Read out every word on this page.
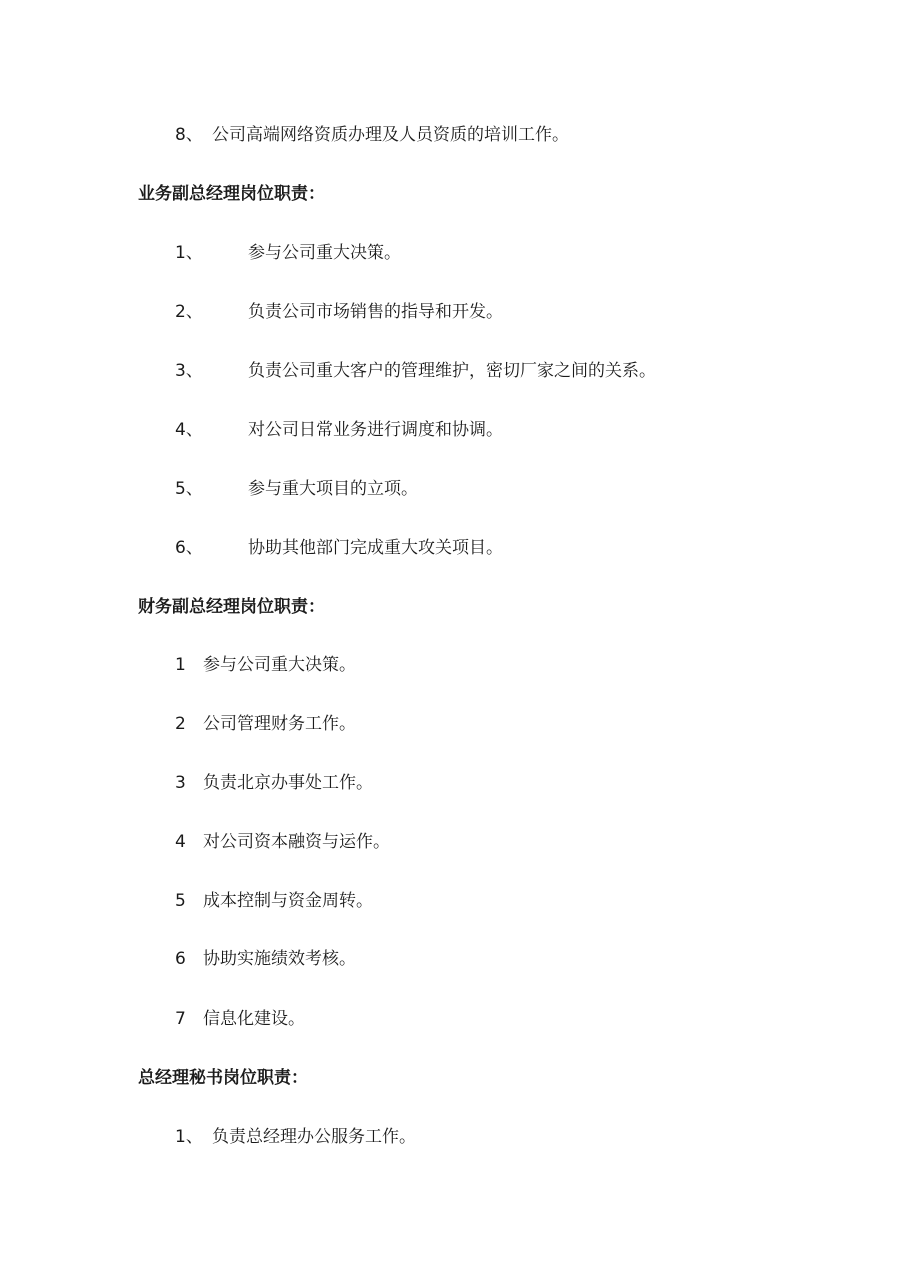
8、 公司高端网络资质办理及人员资质的培训工作。
业务副总经理岗位职责：
1、	参与公司重大决策。
2、	负责公司市场销售的指导和开发。
3、	负责公司重大客户的管理维护，密切厂家之间的关系。
4、	对公司日常业务进行调度和协调。
5、	参与重大项目的立项。
6、	协助其他部门完成重大攻关项目。
财务副总经理岗位职责：
1 参与公司重大决策。
2 公司管理财务工作。
3 负责北京办事处工作。
4 对公司资本融资与运作。
5 成本控制与资金周转。
6 协助实施绩效考核。
7 信息化建设。
总经理秘书岗位职责：
1、 负责总经理办公服务工作。
